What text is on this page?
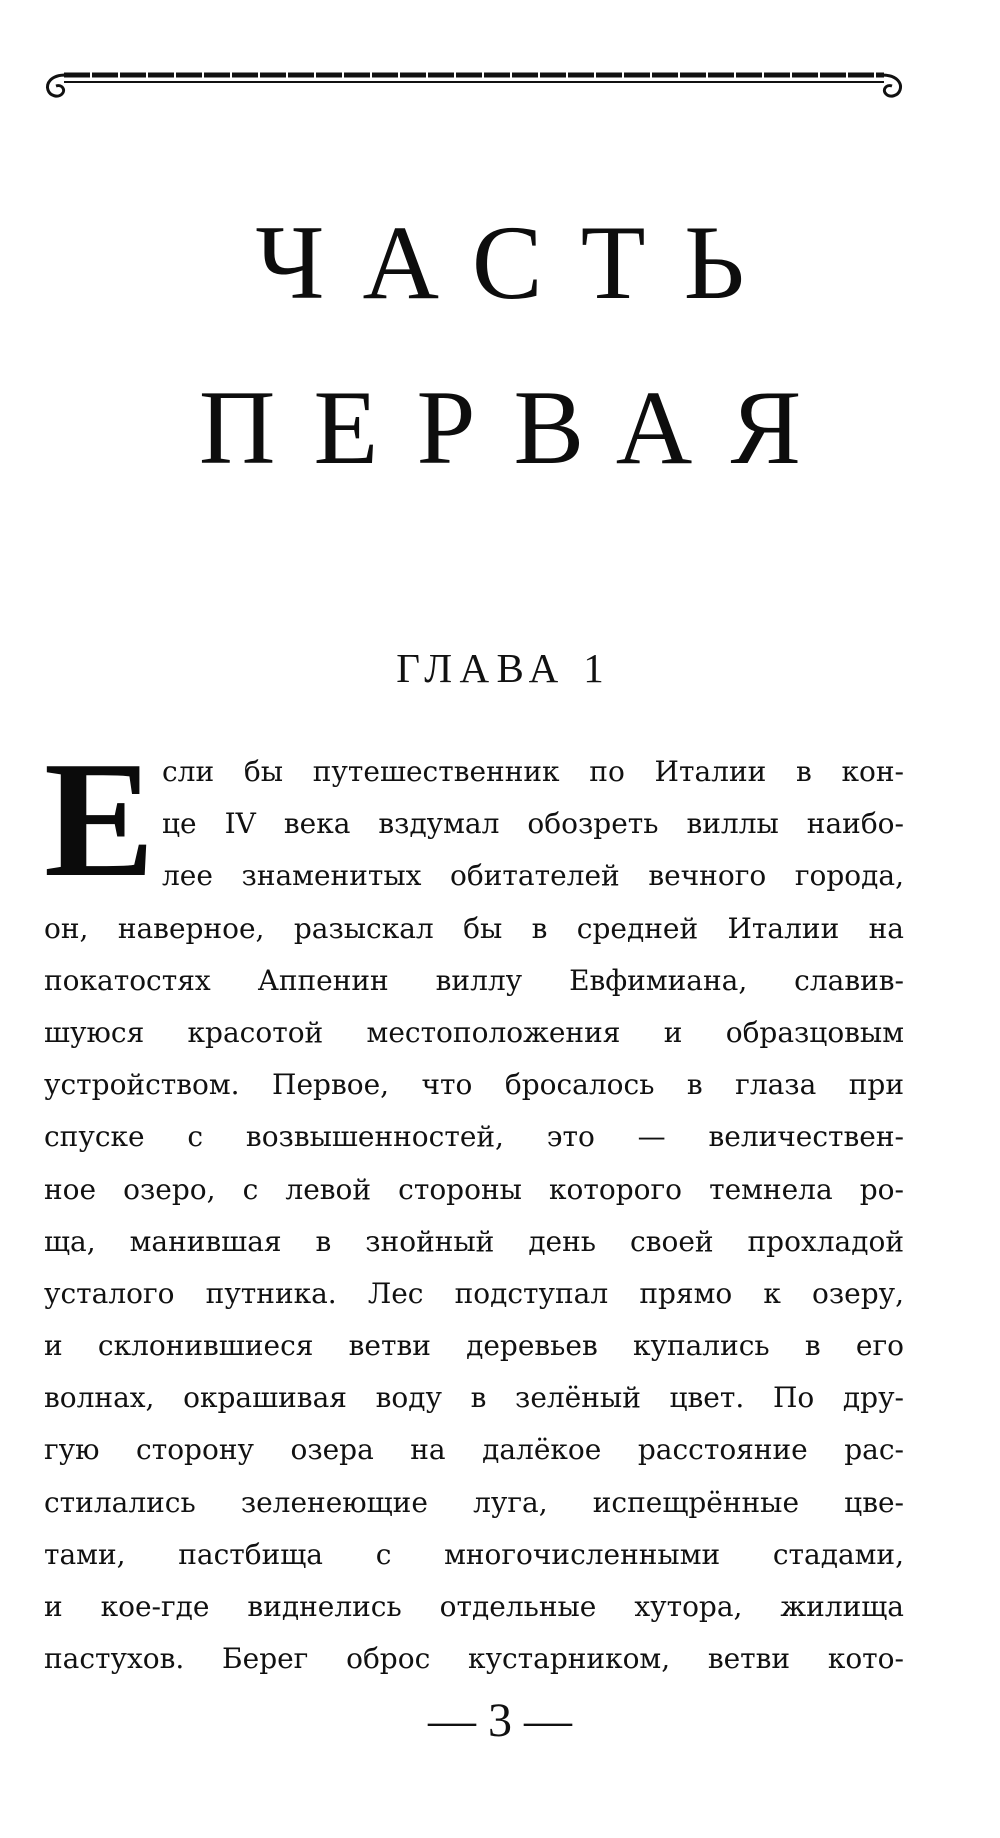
ЧАСТЬ
ПЕРВАЯ
ГЛАВА 1
Е сли бы путешественник по Италии в кон-
це IV века вздумал обозреть виллы наибо-
лее знаменитых обитателей вечного города,
он, наверное, разыскал бы в средней Италии на
покатостях Аппенин виллу Евфимиана, славив-
шуюся красотой местоположения и образцовым
устройством. Первое, что бросалось в глаза при
спуске с возвышенностей, это — величествен-
ное озеро, с левой стороны которого темнела ро-
ща, манившая в знойный день своей прохладой
усталого путника. Лес подступал прямо к озеру,
и склонившиеся ветви деревьев купались в его
волнах, окрашивая воду в зелёный цвет. По дру-
гую сторону озера на далёкое расстояние рас-
стилались зеленеющие луга, испещрённые цве-
тами, пастбища с многочисленными стадами,
и кое-где виднелись отдельные хутора, жилища
пастухов. Берег оброс кустарником, ветви кото-
— 3 —
